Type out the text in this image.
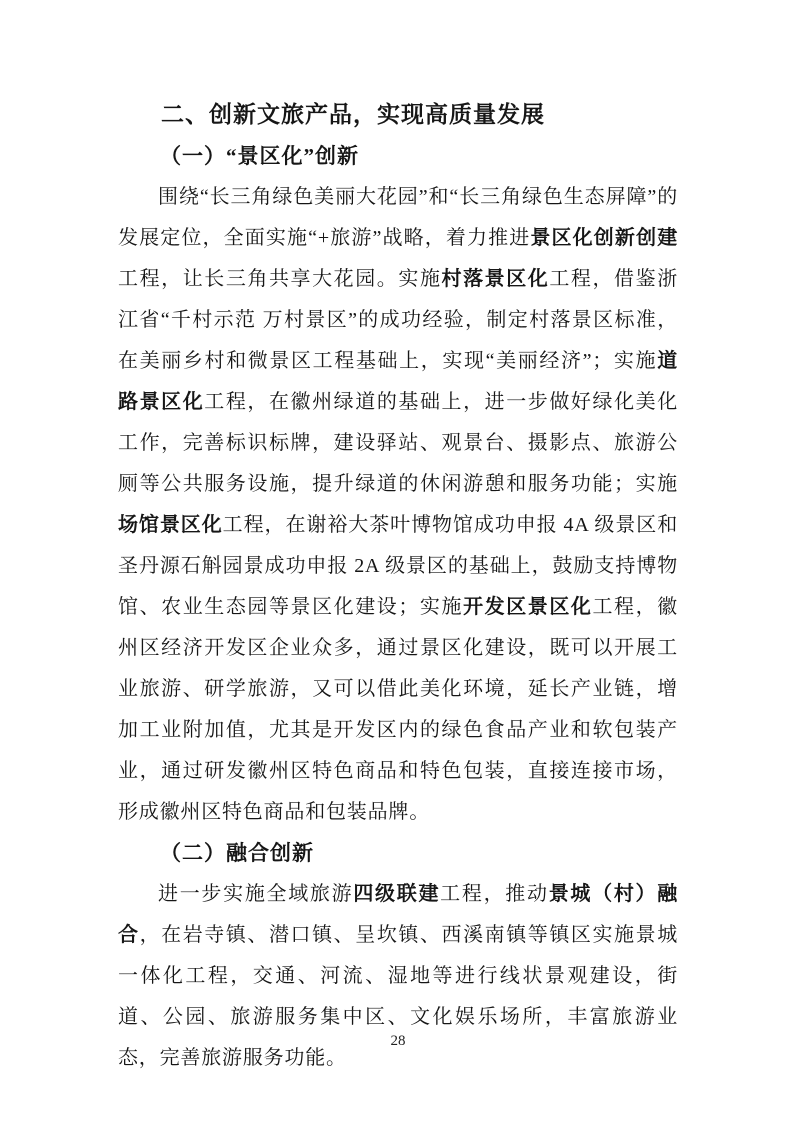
二、创新文旅产品，实现高质量发展
（一）“景区化”创新

围绕“长三角绿色美丽大花园”和“长三角绿色生态屏障”的发展定位，全面实施“+旅游”战略，着力推进景区化创新创建工程，让长三角共享大花园。实施村落景区化工程，借鉴浙江省“千村示范 万村景区”的成功经验，制定村落景区标准，在美丽乡村和微景区工程基础上，实现“美丽经济”；实施道路景区化工程，在徽州绿道的基础上，进一步做好绿化美化工作，完善标识标牌，建设驿站、观景台、摄影点、旅游公厕等公共服务设施，提升绿道的休闲游憩和服务功能；实施场馆景区化工程，在谢裕大茶叶博物馆成功申报 4A 级景区和圣丹源石斛园景成功申报 2A 级景区的基础上，鼓励支持博物馆、农业生态园等景区化建设；实施开发区景区化工程，徽州区经济开发区企业众多，通过景区化建设，既可以开展工业旅游、研学旅游，又可以借此美化环境，延长产业链，增加工业附加值，尤其是开发区内的绿色食品产业和软包装产业，通过研发徽州区特色商品和特色包装，直接连接市场，形成徽州区特色商品和包装品牌。

（二）融合创新

进一步实施全域旅游四级联建工程，推动景城（村）融合，在岩寺镇、潜口镇、呈坎镇、西溪南镇等镇区实施景城一体化工程，交通、河流、湿地等进行线状景观建设，街道、公园、旅游服务集中区、文化娱乐场所，丰富旅游业态，完善旅游服务功能。

28
